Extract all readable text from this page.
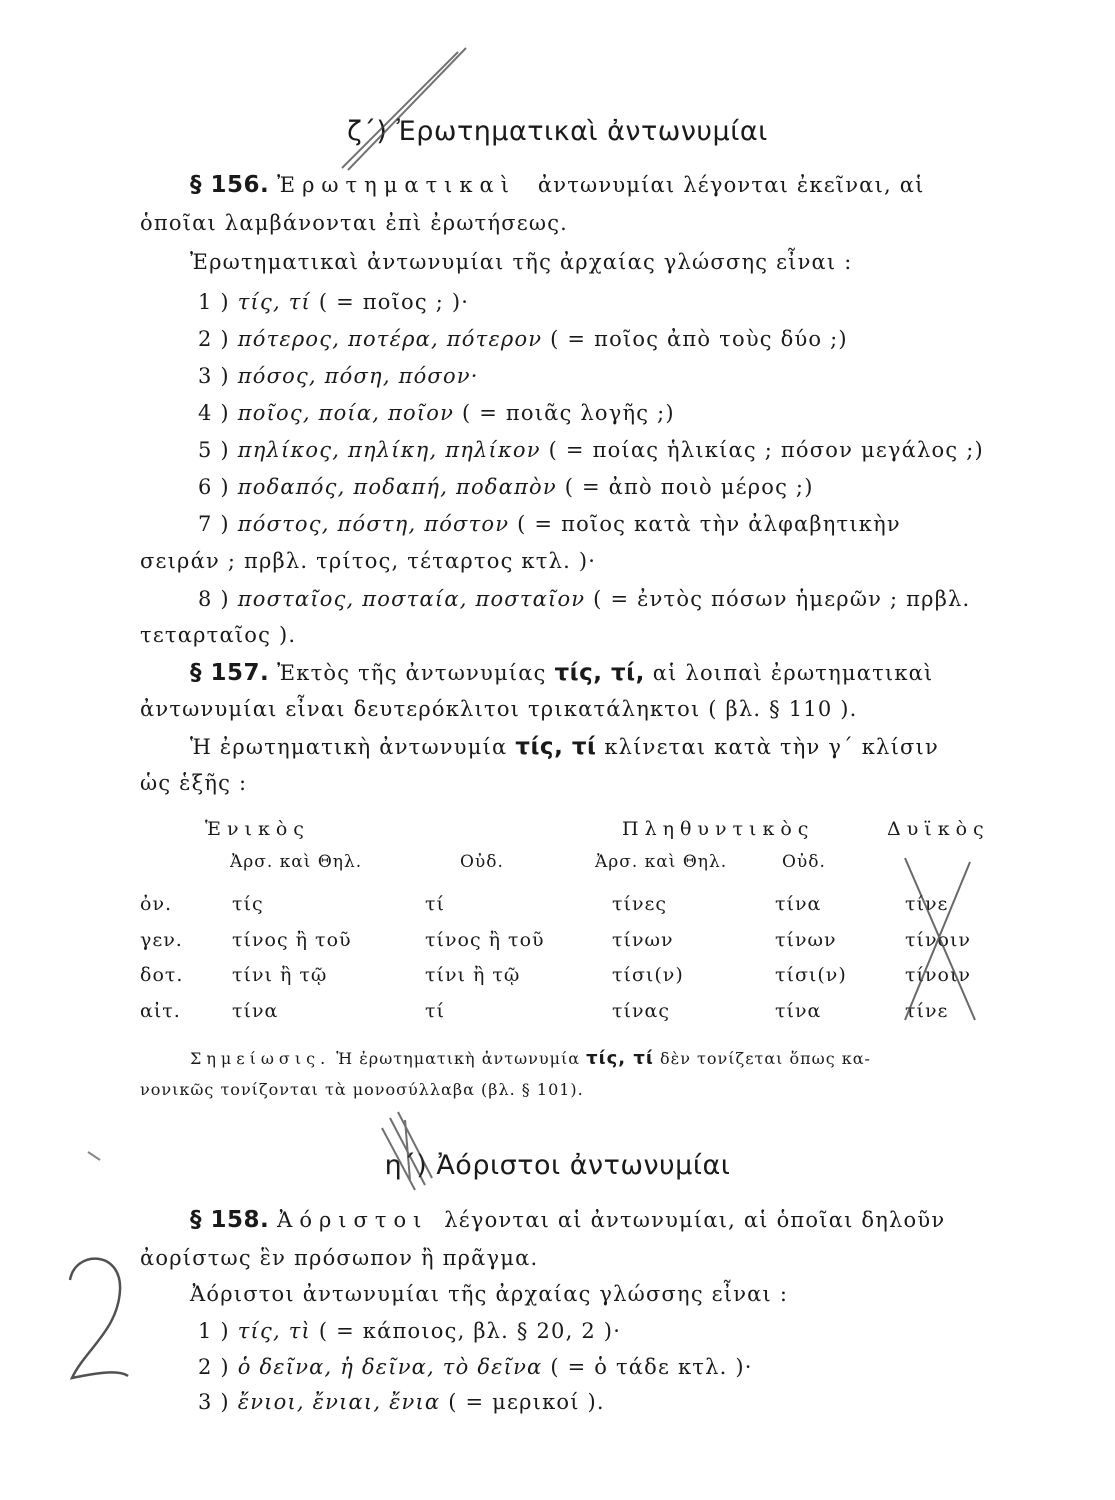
ζ΄) Ἐρωτηματικαὶ ἀντωνυμίαι
§ 156. Ἐρωτηματικαὶ ἀντωνυμίαι λέγονται ἐκεῖναι, αἱ
ὁποῖαι λαμβάνονται ἐπὶ ἐρωτήσεως.
Ἐρωτηματικαὶ ἀντωνυμίαι τῆς ἀρχαίας γλώσσης εἶναι :
1 ) τίς, τί ( = ποῖος ; )·
2 ) πότερος, ποτέρα, πότερον ( = ποῖος ἀπὸ τοὺς δύο ;)
3 ) πόσος, πόση, πόσον·
4 ) ποῖος, ποία, ποῖον ( = ποιᾶς λογῆς ;)
5 ) πηλίκος, πηλίκη, πηλίκον ( = ποίας ἡλικίας ; πόσον μεγάλος ;)
6 ) ποδαπός, ποδαπή, ποδαπὸν ( = ἀπὸ ποιὸ μέρος ;)
7 ) πόστος, πόστη, πόστον ( = ποῖος κατὰ τὴν ἀλφαβητικὴν
σειράν ; πρβλ. τρίτος, τέταρτος κτλ. )·
8 ) ποσταῖος, ποσταία, ποσταῖον ( = ἐντὸς πόσων ἡμερῶν ; πρβλ.
τεταρταῖος ).
§ 157. Ἐκτὸς τῆς ἀντωνυμίας τίς, τί, αἱ λοιπαὶ ἐρωτηματικαὶ
ἀντωνυμίαι εἶναι δευτερόκλιτοι τρικατάληκτοι ( βλ. § 110 ).
Ἡ ἐρωτηματικὴ ἀντωνυμία τίς, τί κλίνεται κατὰ τὴν γ΄ κλίσιν
ὡς ἑξῆς :
Ἑνικὸς	Πληθυντικὸς	Δυϊκὸς
Ἀρσ. καὶ Θηλ.	Οὐδ.	Ἀρσ. καὶ Θηλ.	Οὐδ.
ὀν.	τίς	τί	τίνες	τίνα	τίνε
γεν.	τίνος ἢ τοῦ	τίνος ἢ τοῦ	τίνων	τίνων	τίνοιν
δοτ.	τίνι ἢ τῷ	τίνι ἢ τῷ	τίσι(ν)	τίσι(ν)	τίνοιν
αἰτ.	τίνα	τί	τίνας	τίνα	τίνε
Σημείωσις. Ἡ ἐρωτηματικὴ ἀντωνυμία τίς, τί δὲν τονίζεται ὅπως κα-
νονικῶς τονίζονται τὰ μονοσύλλαβα (βλ. § 101).
η΄) Ἀόριστοι ἀντωνυμίαι
§ 158. Ἀόριστοι λέγονται αἱ ἀντωνυμίαι, αἱ ὁποῖαι δηλοῦν
ἀορίστως ἓν πρόσωπον ἢ πρᾶγμα.
Ἀόριστοι ἀντωνυμίαι τῆς ἀρχαίας γλώσσης εἶναι :
1 ) τίς, τὶ ( = κάποιος, βλ. § 20, 2 )·
2 ) ὁ δεῖνα, ἡ δεῖνα, τὸ δεῖνα ( = ὁ τάδε κτλ. )·
3 ) ἔνιοι, ἔνιαι, ἔνια ( = μερικοί ).
